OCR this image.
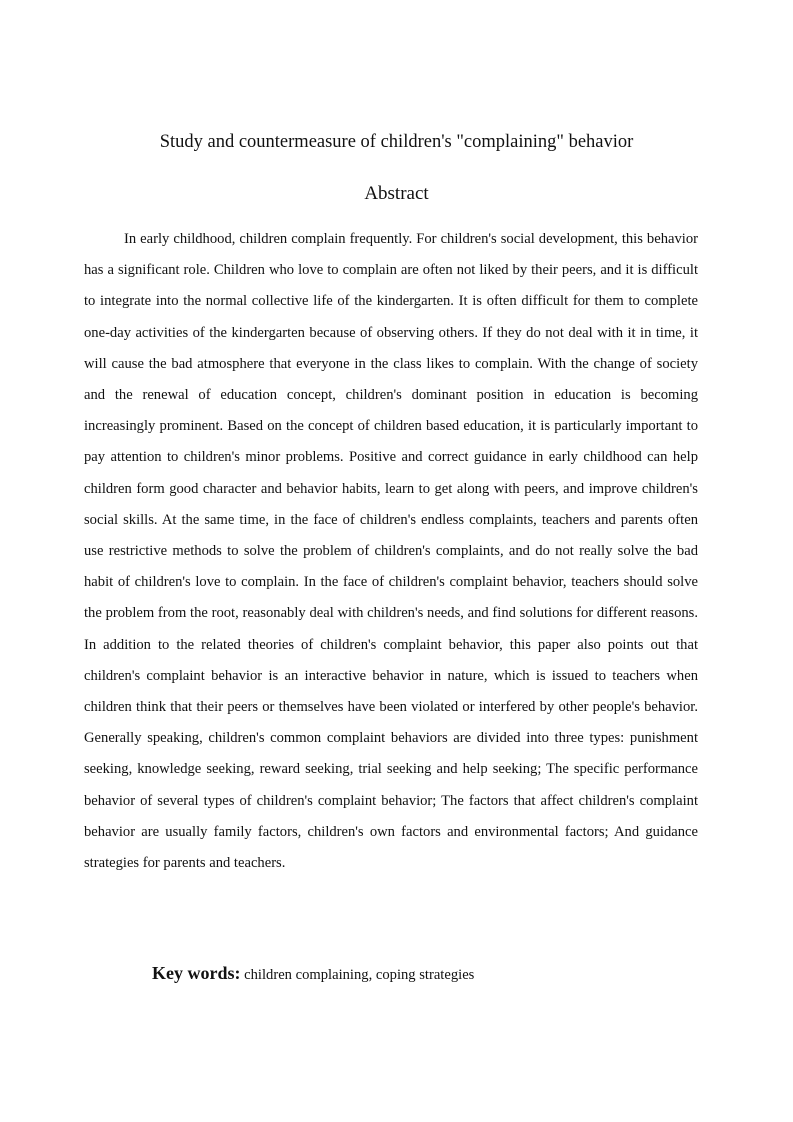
Study and countermeasure of children's "complaining" behavior
Abstract

In early childhood, children complain frequently. For children's social development, this behavior has a significant role. Children who love to complain are often not liked by their peers, and it is difficult to integrate into the normal collective life of the kindergarten. It is often difficult for them to complete one-day activities of the kindergarten because of observing others. If they do not deal with it in time, it will cause the bad atmosphere that everyone in the class likes to complain. With the change of society and the renewal of education concept, children's dominant position in education is becoming increasingly prominent. Based on the concept of children based education, it is particularly important to pay attention to children's minor problems. Positive and correct guidance in early childhood can help children form good character and behavior habits, learn to get along with peers, and improve children's social skills. At the same time, in the face of children's endless complaints, teachers and parents often use restrictive methods to solve the problem of children's complaints, and do not really solve the bad habit of children's love to complain. In the face of children's complaint behavior, teachers should solve the problem from the root, reasonably deal with children's needs, and find solutions for different reasons. In addition to the related theories of children's complaint behavior, this paper also points out that children's complaint behavior is an interactive behavior in nature, which is issued to teachers when children think that their peers or themselves have been violated or interfered by other people's behavior. Generally speaking, children's common complaint behaviors are divided into three types: punishment seeking, knowledge seeking, reward seeking, trial seeking and help seeking; The specific performance behavior of several types of children's complaint behavior; The factors that affect children's complaint behavior are usually family factors, children's own factors and environmental factors; And guidance strategies for parents and teachers.

Key words: children complaining, coping strategies
